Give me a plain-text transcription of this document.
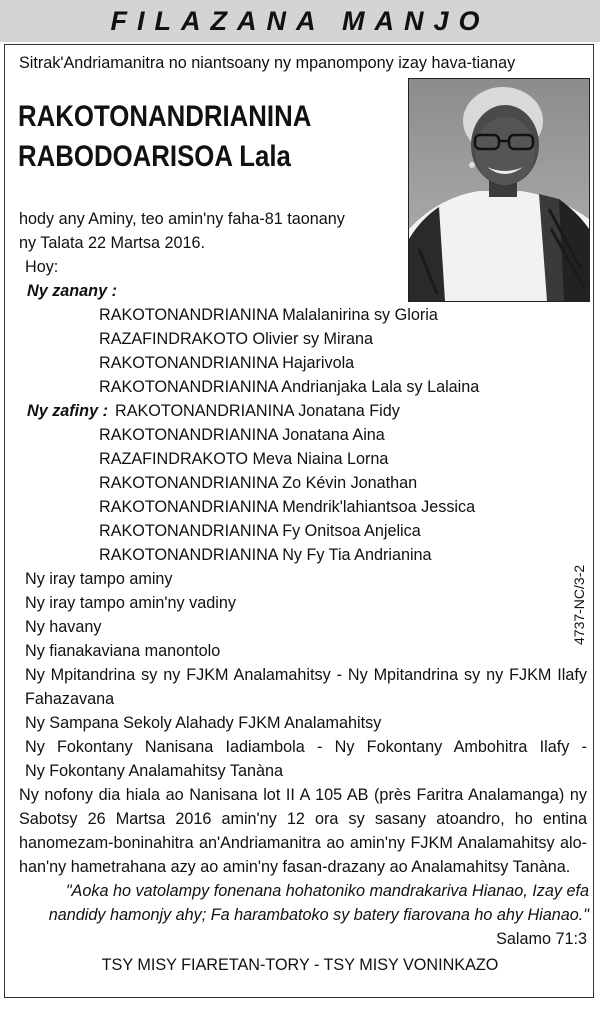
FILAZANA MANJO
Sitrak'Andriamanitra no niantsoany ny mpanompony izay hava-tianay
RAKOTONANDRIANINA
RABODOARISOA Lala
hody any Aminy, teo amin'ny faha-81 taonany
ny Talata 22 Martsa 2016.
Hoy:
Ny zanany :
RAKOTONANDRIANINA Malalanirina sy Gloria
RAZAFINDRAKOTO Olivier sy Mirana
RAKOTONANDRIANINA Hajarivola
RAKOTONANDRIANINA Andrianjaka Lala sy Lalaina
Ny zafiny : RAKOTONANDRIANINA Jonatana Fidy
RAKOTONANDRIANINA Jonatana Aina
RAZAFINDRAKOTO Meva Niaina Lorna
RAKOTONANDRIANINA Zo Kévin Jonathan
RAKOTONANDRIANINA Mendrik'lahiantsoa Jessica
RAKOTONANDRIANINA Fy Onitsoa Anjelica
RAKOTONANDRIANINA Ny Fy Tia Andrianina
Ny iray tampo aminy
Ny iray tampo amin'ny vadiny
Ny havany
Ny fianakaviana manontolo
Ny Mpitandrina sy ny FJKM Analamahitsy - Ny Mpitandrina sy ny FJKM Ilafy
Fahazavana
Ny Sampana Sekoly Alahady FJKM Analamahitsy
Ny Fokontany Nanisana Iadiambola - Ny Fokontany Ambohitra Ilafy -
Ny Fokontany Analamahitsy Tanàna
Ny nofony dia hiala ao Nanisana lot II A 105 AB (près Faritra Analamanga) ny
Sabotsy 26 Martsa 2016 amin'ny 12 ora sy sasany atoandro, ho entina
hanomezam-boninahitra an'Andriamanitra ao amin'ny FJKM Analamahitsy alo-
han'ny hametrahana azy ao amin'ny fasan-drazany ao Analamahitsy Tanàna.
"Aoka ho vatolampy fonenana hohatoniko mandrakariva Hianao, Izay efa
nandidy hamonjy ahy; Fa harambatoko sy batery fiarovana ho ahy Hianao."
Salamo 71:3
TSY MISY FIARETAN-TORY - TSY MISY VONINKAZO
4737-NC/3-2
